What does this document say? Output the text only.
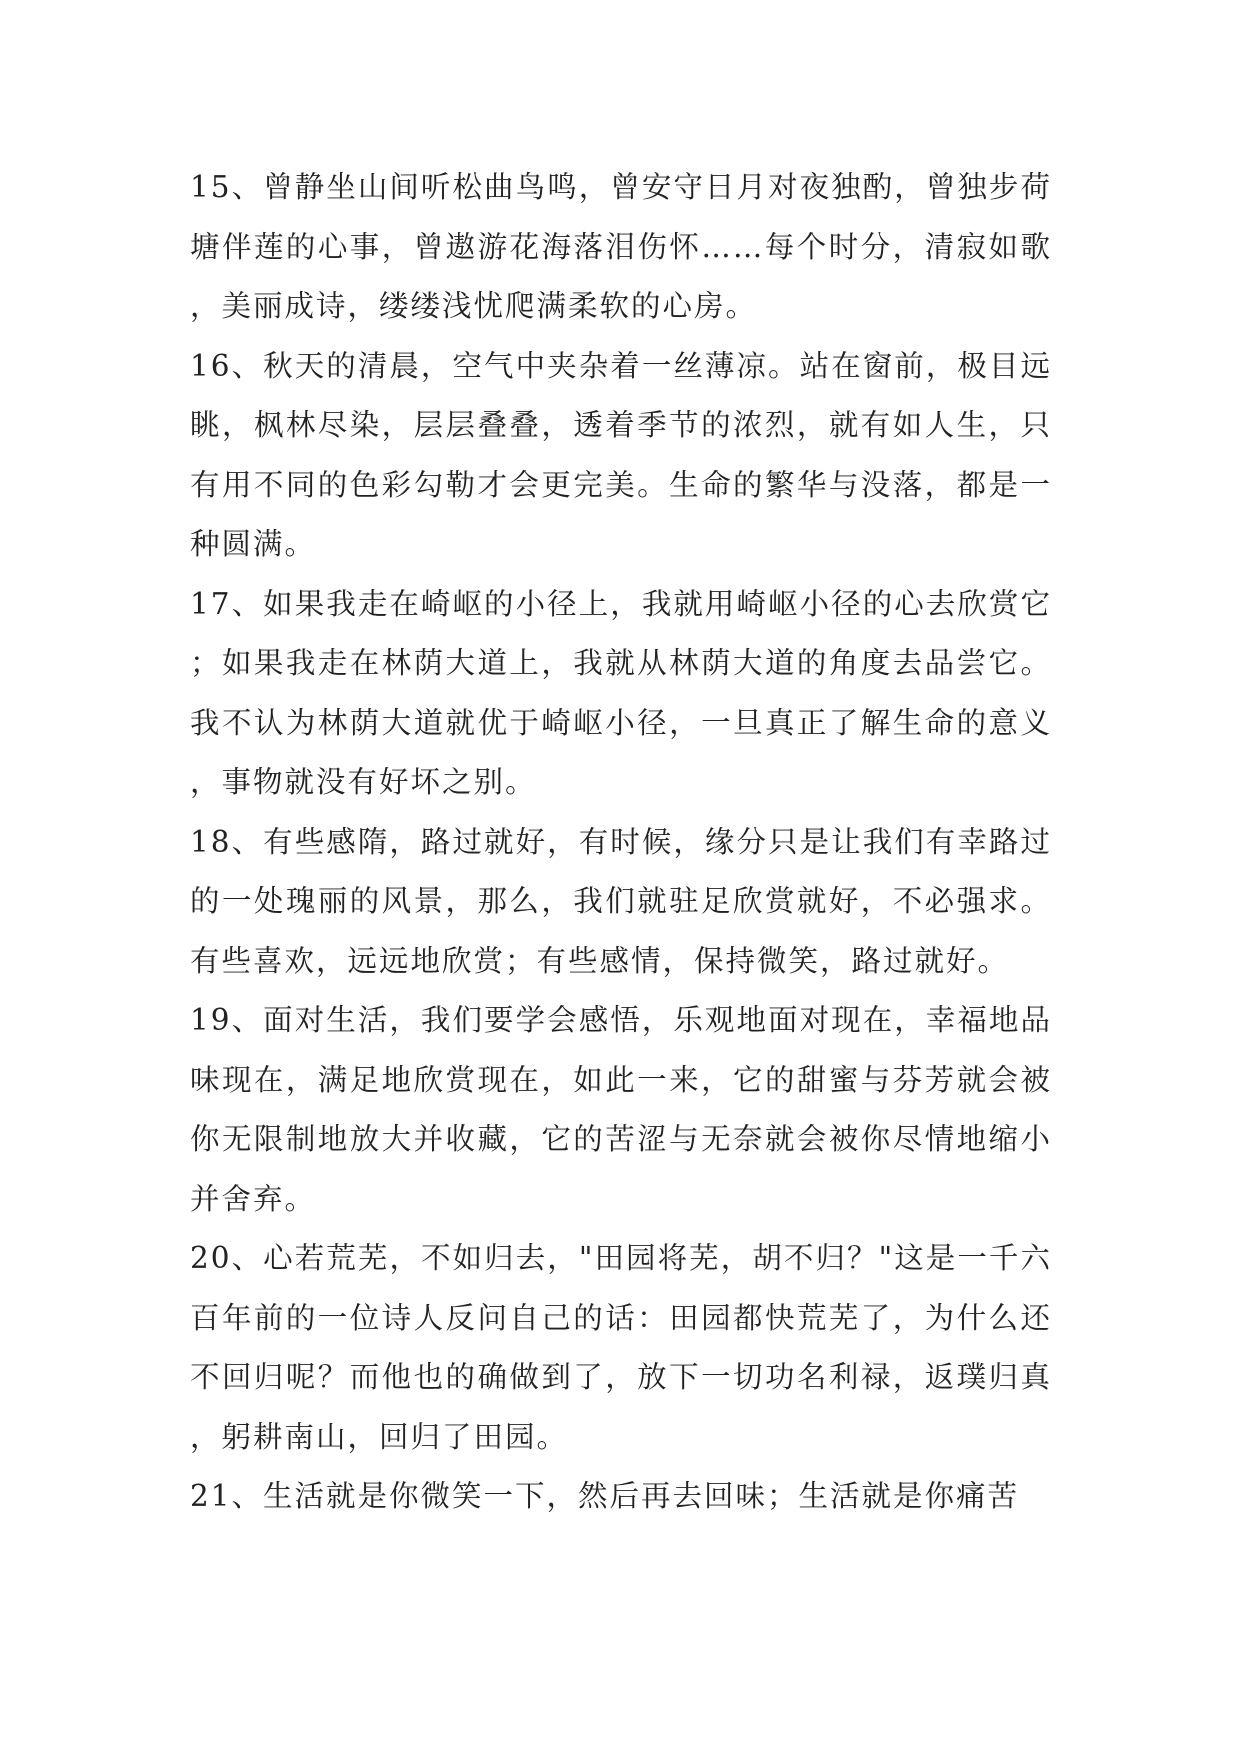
15、曾静坐山间听松曲鸟鸣，曾安守日月对夜独酌，曾独步荷塘伴莲的心事，曾遨游花海落泪伤怀……每个时分，清寂如歌，美丽成诗，缕缕浅忧爬满柔软的心房。

16、秋天的清晨，空气中夹杂着一丝薄凉。站在窗前，极目远眺，枫林尽染，层层叠叠，透着季节的浓烈，就有如人生，只有用不同的色彩勾勒才会更完美。生命的繁华与没落，都是一种圆满。

17、如果我走在崎岖的小径上，我就用崎岖小径的心去欣赏它；如果我走在林荫大道上，我就从林荫大道的角度去品尝它。我不认为林荫大道就优于崎岖小径，一旦真正了解生命的意义，事物就没有好坏之别。

18、有些感隋，路过就好，有时候，缘分只是让我们有幸路过的一处瑰丽的风景，那么，我们就驻足欣赏就好，不必强求。有些喜欢，远远地欣赏；有些感情，保持微笑，路过就好。

19、面对生活，我们要学会感悟，乐观地面对现在，幸福地品味现在，满足地欣赏现在，如此一来，它的甜蜜与芬芳就会被你无限制地放大并收藏，它的苦涩与无奈就会被你尽情地缩小并舍弃。

20、心若荒芜，不如归去，"田园将芜，胡不归？"这是一千六百年前的一位诗人反问自己的话：田园都快荒芜了，为什么还不回归呢？而他也的确做到了，放下一切功名利禄，返璞归真，躬耕南山，回归了田园。

21、生活就是你微笑一下，然后再去回味；生活就是你痛苦
